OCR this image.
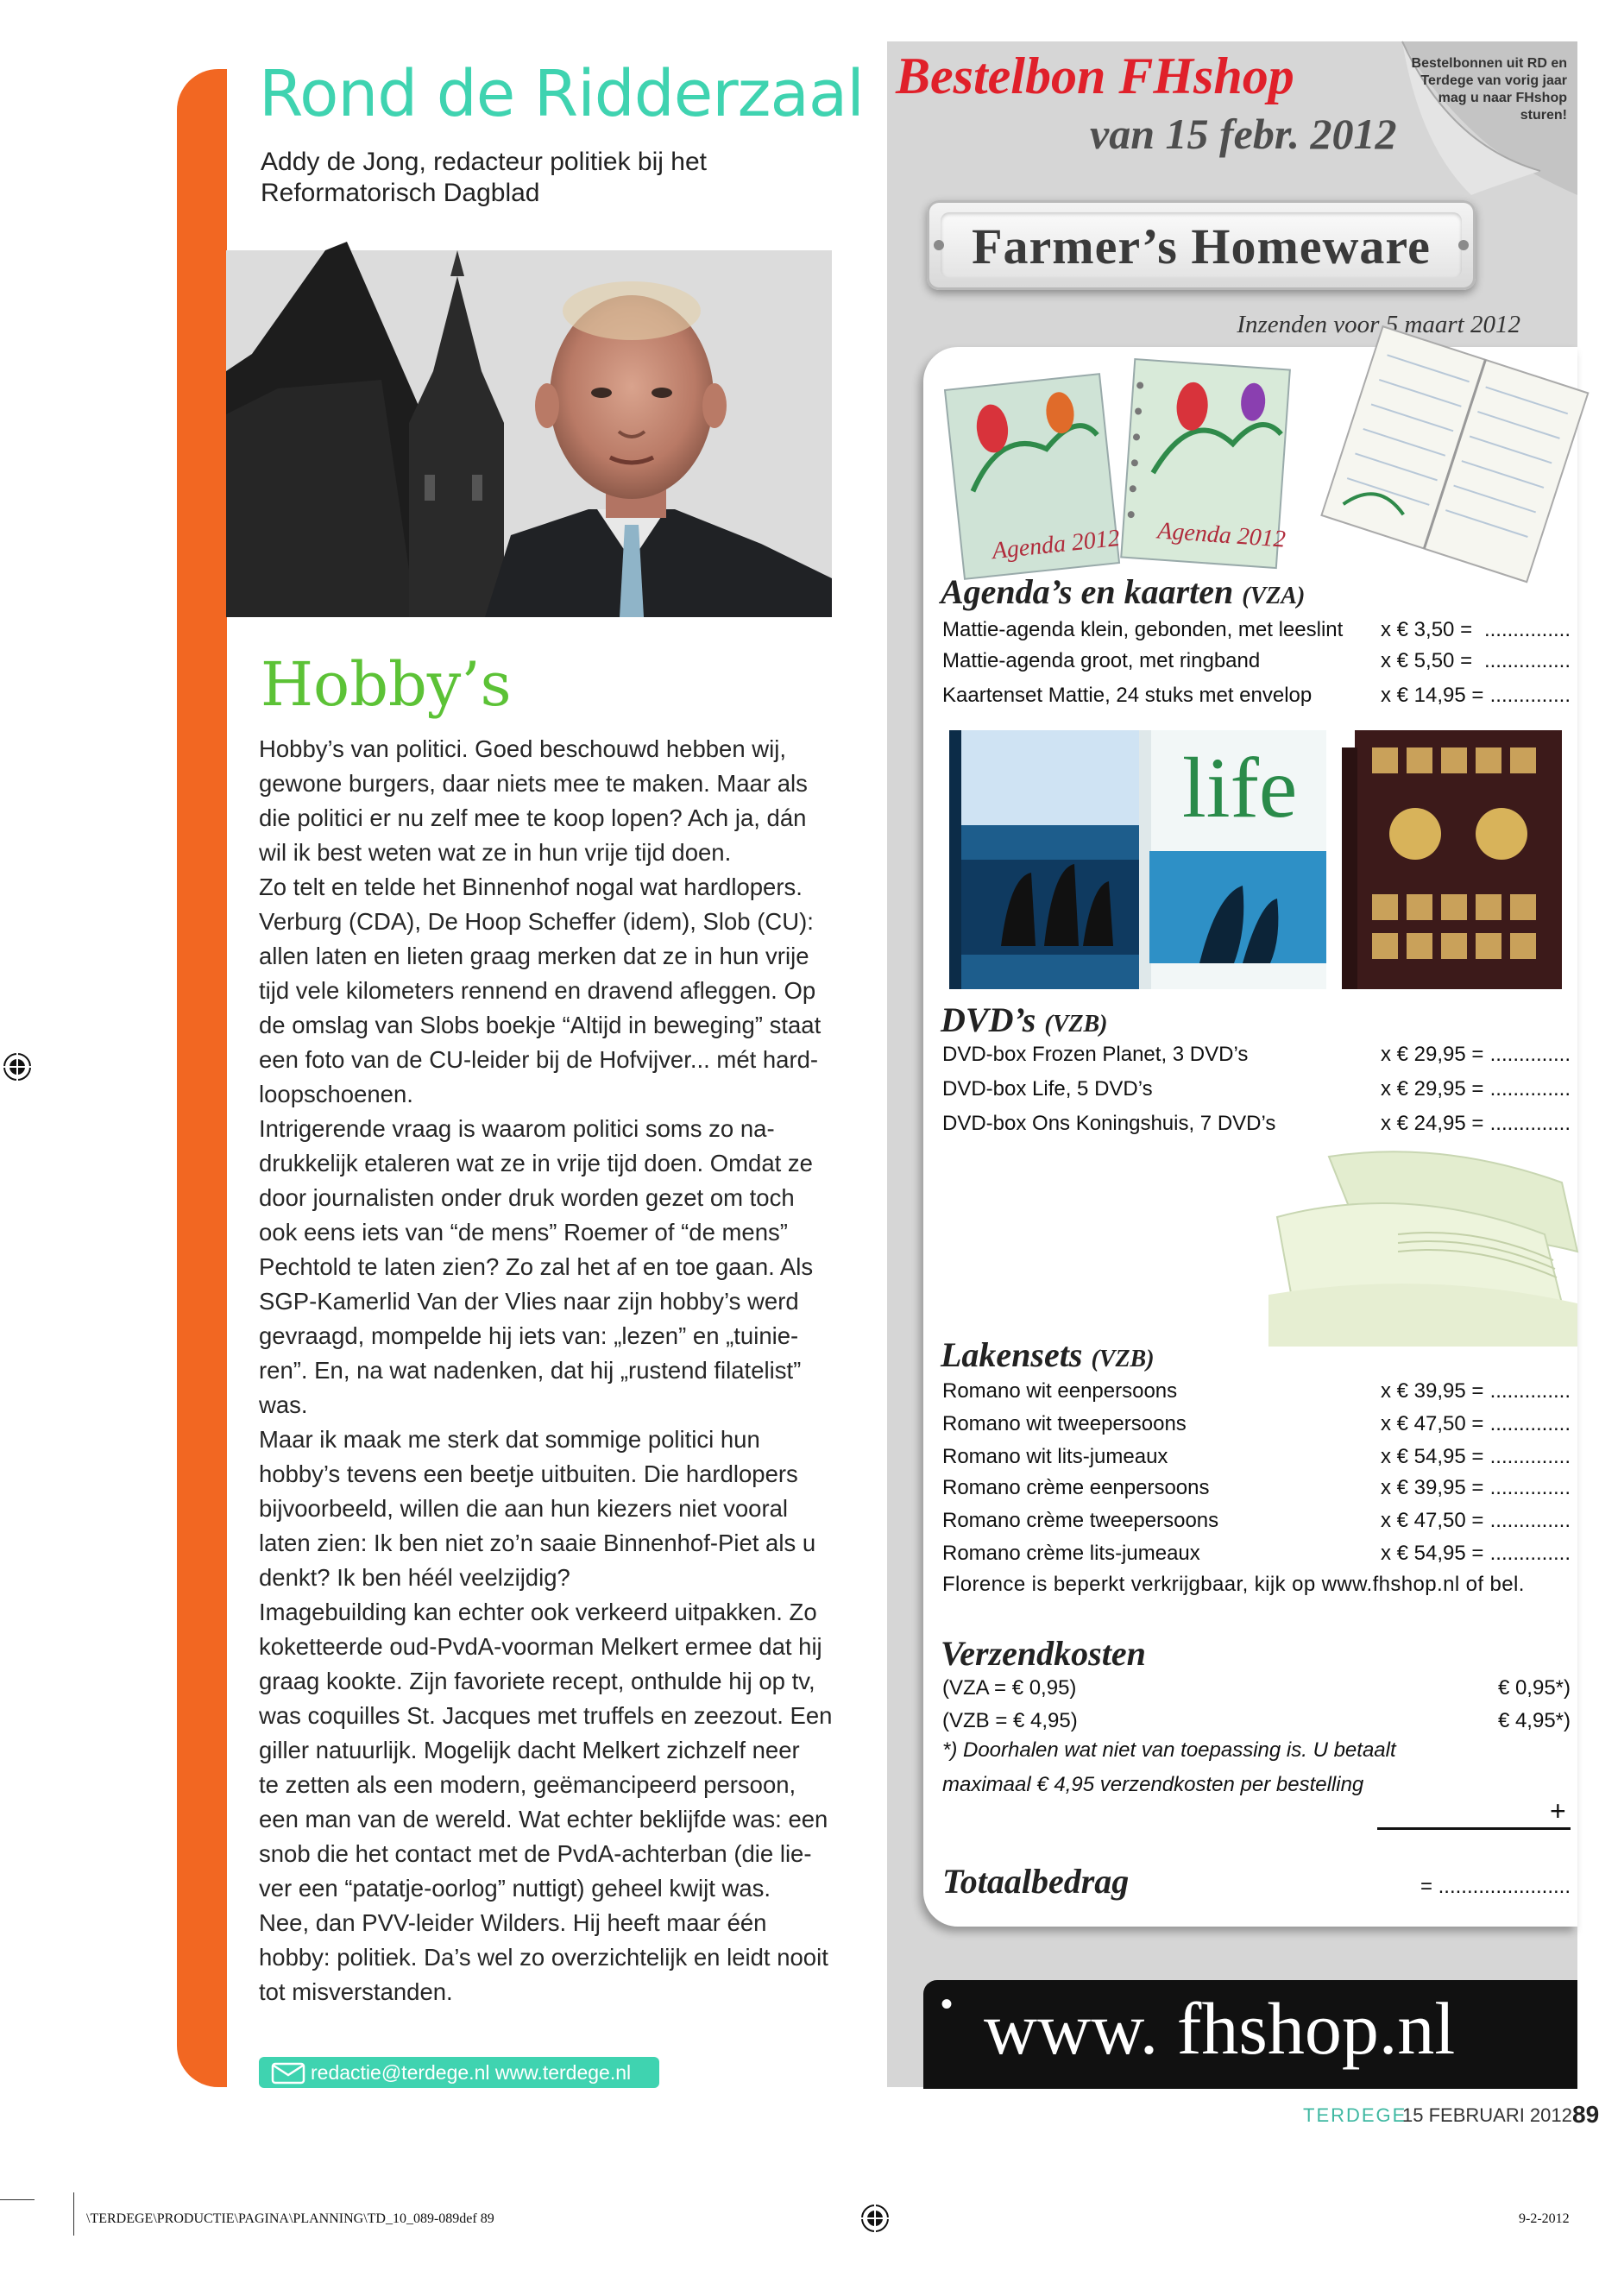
Rond de Ridderzaal
Addy de Jong, redacteur politiek bij het Reformatorisch Dagblad
Hobby’s

Hobby’s van politici. Goed beschouwd hebben wij,

gewone burgers, daar niets mee te maken. Maar als

die politici er nu zelf mee te koop lopen? Ach ja, dán

wil ik best weten wat ze in hun vrije tijd doen.

Zo telt en telde het Binnenhof nogal wat hardlopers.

Verburg (CDA), De Hoop Scheffer (idem), Slob (CU):

allen laten en lieten graag merken dat ze in hun vrije

tijd vele kilometers rennend en dravend afleggen. Op

de omslag van Slobs boekje “Altijd in beweging” staat

een foto van de CU-leider bij de Hofvijver... mét hard-

loopschoenen.

Intrigerende vraag is waarom politici soms zo na-

drukkelijk etaleren wat ze in vrije tijd doen. Omdat ze

door journalisten onder druk worden gezet om toch

ook eens iets van “de mens” Roemer of “de mens”

Pechtold te laten zien? Zo zal het af en toe gaan. Als

SGP-Kamerlid Van der Vlies naar zijn hobby’s werd

gevraagd, mompelde hij iets van: „lezen” en „tuinie-

ren”. En, na wat nadenken, dat hij „rustend filatelist”

was.

Maar ik maak me sterk dat sommige politici hun

hobby’s tevens een beetje uitbuiten. Die hardlopers

bijvoorbeeld, willen die aan hun kiezers niet vooral

laten zien: Ik ben niet zo’n saaie Binnenhof-Piet als u

denkt? Ik ben héél veelzijdig?

Imagebuilding kan echter ook verkeerd uitpakken. Zo

koketteerde oud-PvdA-voorman Melkert ermee dat hij

graag kookte. Zijn favoriete recept, onthulde hij op tv,

was coquilles St. Jacques met truffels en zeezout. Een

giller natuurlijk. Mogelijk dacht Melkert zichzelf neer

te zetten als een modern, geëmancipeerd persoon,

een man van de wereld. Wat echter beklijfde was: een

snob die het contact met de PvdA-achterban (die lie-

ver een “patatje-oorlog” nuttigt) geheel kwijt was.

Nee, dan PVV-leider Wilders. Hij heeft maar één

hobby: politiek. Da’s wel zo overzichtelijk en leidt nooit

tot misverstanden.

redactie@terdege.nl www.terdege.nl
Bestelbon FHshop
van 15 febr. 2012
Bestelbonnen uit RD en Terdege van vorig jaar mag u naar FHshop sturen!
Farmer’s Homeware
Inzenden voor 5 maart 2012
Agenda 2012 Agenda 2012
Agenda’s en kaarten (VZA)
Mattie-agenda klein, gebonden, met leeslint x € 3,50 = ...............
Mattie-agenda groot, met ringband	x € 5,50 = ...............
Kaartenset Mattie, 24 stuks met envelop	x € 14,95 = ..............
life
DVD’s (VZB)
DVD-box Frozen Planet, 3 DVD’s	x € 29,95 = ..............
DVD-box Life, 5 DVD’s	x € 29,95 = ..............
DVD-box Ons Koningshuis, 7 DVD’s	x € 24,95 = ..............
Lakensets (VZB)
Romano wit eenpersoons	x € 39,95 = ..............
Romano wit tweepersoons	x € 47,50 = ..............
Romano wit lits-jumeaux	x € 54,95 = ..............
Romano crème eenpersoons	x € 39,95 = ..............
Romano crème tweepersoons	x € 47,50 = ..............
Romano crème lits-jumeaux	x € 54,95 = ..............
Florence is beperkt verkrijgbaar, kijk op www.fhshop.nl of bel.
Verzendkosten
(VZA = € 0,95)	€ 0,95*)
(VZB = € 4,95)	€ 4,95*)
*) Doorhalen wat niet van toepassing is. U betaalt maximaal € 4,95 verzendkosten per bestelling
+
Totaalbedrag	= .......................
• www. fhshop.nl
TERDEGE
15 FEBRUARI 2012 89
\TERDEGE\PRODUCTIE\PAGINA\PLANNING\TD_10_089-089def 89	9-2-2012
